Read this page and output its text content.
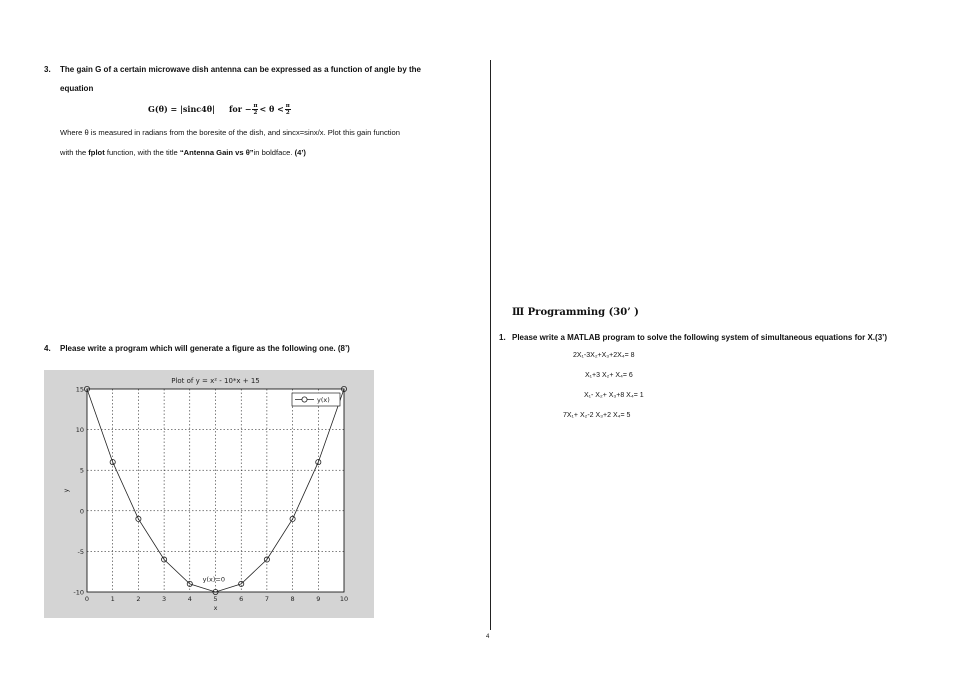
3. The gain G of a certain microwave dish antenna can be expressed as a function of angle by the
equation
G(θ) = |sinc4θ| for − $\frac{\pi}{2} < \theta < \frac{\pi}{2}$
Where θ is measured in radians from the boresite of the dish, and sincx=sinx/x. Plot this gain function
with the fplot function, with the title “Antenna Gain vs θ”in boldface. (4’)
4. Please write a program which will generate a figure as the following one. (8’)
0	1	2	3	4	5	6	7	8	9	10
15
10
5
0
-5
-10
Plot of y = x² - 10*x + 15
x
y
y(x)=0
y(x)
4
Ⅲ Programming (30’ )
1. Please write a MATLAB program to solve the following system of simultaneous equations for X.(3’)
2X₁-3X₂+X₃+2X₄= 8
X₁+3 X₂+ X₄= 6
X₁- X₂+ X₃+8 X₄= 1
7X₁+ X₂-2 X₃+2 X₄= 5
